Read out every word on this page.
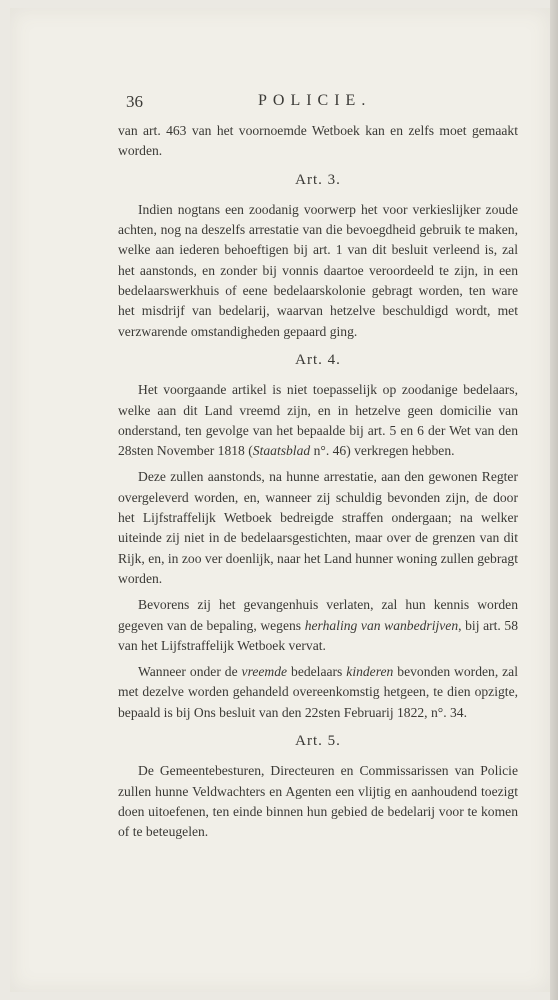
36	POLICIE.

van art. 463 van het voornoemde Wetboek kan en zelfs moet gemaakt worden.

Art. 3.

Indien nogtans een zoodanig voorwerp het voor verkieslijker zoude achten, nog na deszelfs arrestatie van die bevoegdheid gebruik te maken, welke aan iederen behoeftigen bij art. 1 van dit besluit verleend is, zal het aanstonds, en zonder bij vonnis daartoe veroordeeld te zijn, in een bedelaarswerkhuis of eene bedelaarskolonie gebragt worden, ten ware het misdrijf van bedelarij, waarvan hetzelve beschuldigd wordt, met verzwarende omstandigheden gepaard ging.

Art. 4.

Het voorgaande artikel is niet toepasselijk op zoodanige bedelaars, welke aan dit Land vreemd zijn, en in hetzelve geen domicilie van onderstand, ten gevolge van het bepaalde bij art. 5 en 6 der Wet van den 28sten November 1818 (Staatsblad n°. 46) verkregen hebben.

Deze zullen aanstonds, na hunne arrestatie, aan den gewonen Regter overgeleverd worden, en, wanneer zij schuldig bevonden zijn, de door het Lijfstraffelijk Wetboek bedreigde straffen ondergaan; na welker uiteinde zij niet in de bedelaarsgestichten, maar over de grenzen van dit Rijk, en, in zoo ver doenlijk, naar het Land hunner woning zullen gebragt worden.

Bevorens zij het gevangenhuis verlaten, zal hun kennis worden gegeven van de bepaling, wegens herhaling van wanbedrijven, bij art. 58 van het Lijfstraffelijk Wetboek vervat.

Wanneer onder de vreemde bedelaars kinderen bevonden worden, zal met dezelve worden gehandeld overeenkomstig hetgeen, te dien opzigte, bepaald is bij Ons besluit van den 22sten Februarij 1822, n°. 34.

Art. 5.

De Gemeentebesturen, Directeuren en Commissarissen van Policie zullen hunne Veldwachters en Agenten een vlijtig en aanhoudend toezigt doen uitoefenen, ten einde binnen hun gebied de bedelarij voor te komen of te beteugelen.
